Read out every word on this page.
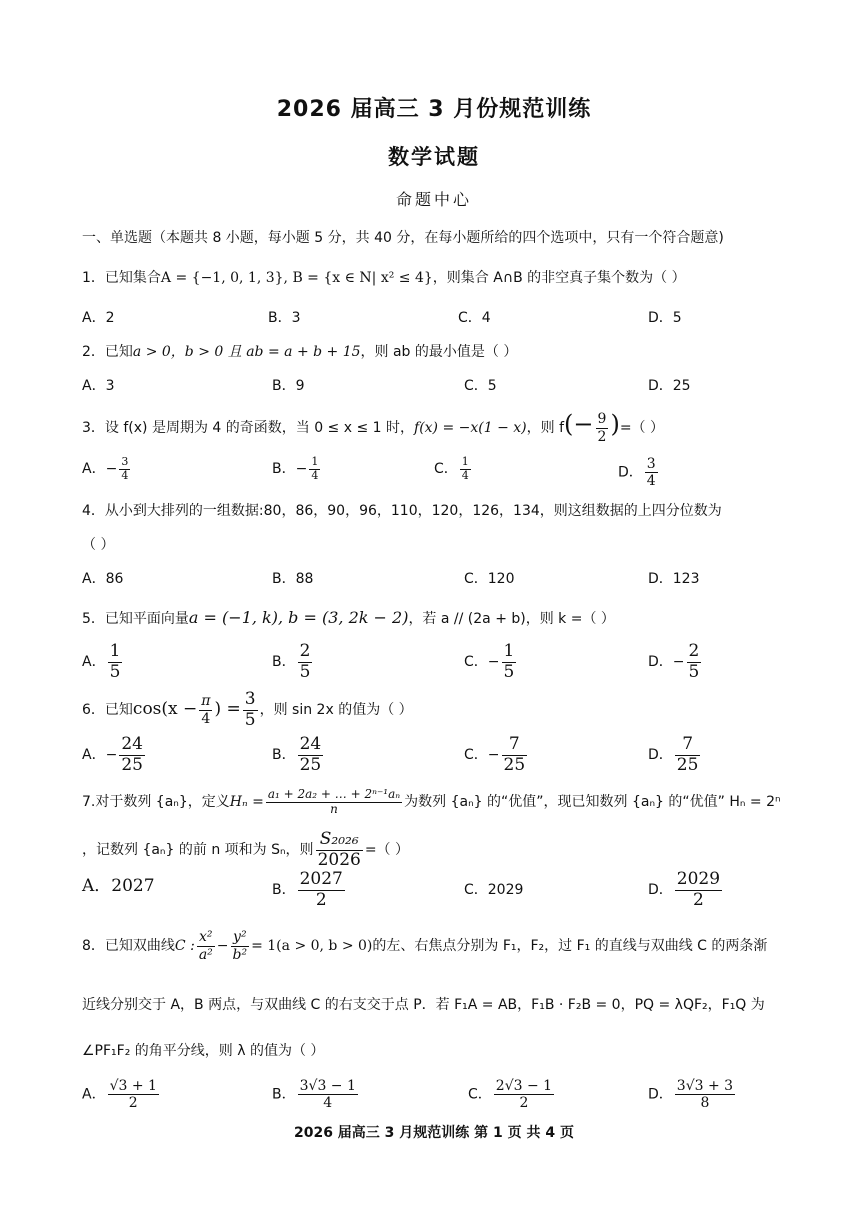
2026 届高三 3 月份规范训练
数学试题
命题中心
一、单选题（本题共 8 小题，每小题 5 分，共 40 分，在每小题所给的四个选项中，只有一个符合题意)
1．已知集合A = {−1, 0, 1, 3}, B = {x ∈ N| x² ≤ 4}，则集合 A∩B 的非空真子集个数为（ ）
A．2	B．3	C．4	D．5
2．已知a > 0，b > 0 且 ab = a + b + 15，则 ab 的最小值是（ ）
A．3	B．9	C．5	D．25
3．设 f(x) 是周期为 4 的奇函数，当 0 ≤ x ≤ 1 时，f(x) = −x(1 − x)，则 $f(- \frac{9}{2}$ )=（ ）
A．− $\frac{3}{4}$	B．− $\frac{1}{4}$	C． $\frac{1}{4}$	D． $\frac{3}{4}$
4．从小到大排列的一组数据:80，86，90，96，110，120，126，134，则这组数据的上四分位数为
（ ）
A．86	B．88	C．120	D．123
5．已知平面向量a = (−1, k), b = (3, 2k − 2)，若 a // (2a + b)，则 k =（ ）
A． $\frac{1}{5}$	B． $\frac{2}{5}$	C．− $\frac{1}{5}$	D．− $\frac{2}{5}$
6．已知$\cos(x - \frac{\pi}{4}$ ) = $\frac{3}{5}$ ，则 sin 2x 的值为（ ）
A．− $\frac{24}{25}$	B． $\frac{24}{25}$	C．− $\frac{7}{25}$	D． $\frac{7}{25}$
7.对于数列 {aₙ}，定义$H_n = \frac{\text{a₁ + 2a₂ + … + 2ⁿ⁻¹aₙ}}{n}$ 为数列 {aₙ} 的“优值”，现已知数列 {aₙ} 的“优值” Hₙ = 2ⁿ
，记数列 {aₙ} 的前 n 项和为 Sₙ，则 $\frac{\text{S₂₀₂₆}}{2026}$ =（ ）
A．2027	B． $\frac{2027}{2}$	C．2029	D． $\frac{2029}{2}$
8．已知双曲线C : $\frac{\text{x²}}{\text{a²}} - \frac{\text{y²}}{\text{b²}} = 1(a > 0$, b > 0)的左、右焦点分别为 F₁，F₂，过 F₁ 的直线与双曲线 C 的两条渐
近线分别交于 A，B 两点，与双曲线 C 的右支交于点 P．若 F₁A = AB，F₁B · F₂B = 0，PQ = λQF₂，F₁Q 为
∠PF₁F₂ 的角平分线，则 λ 的值为（ ）
A． $\frac{√3 + 1}{2}$	B． $\frac{3√3 - 1}{4}$	C． $\frac{2√3 - 1}{2}$	D． $\frac{3√3 + 3}{8}$
2026 届高三 3 月规范训练 第 1 页 共 4 页
